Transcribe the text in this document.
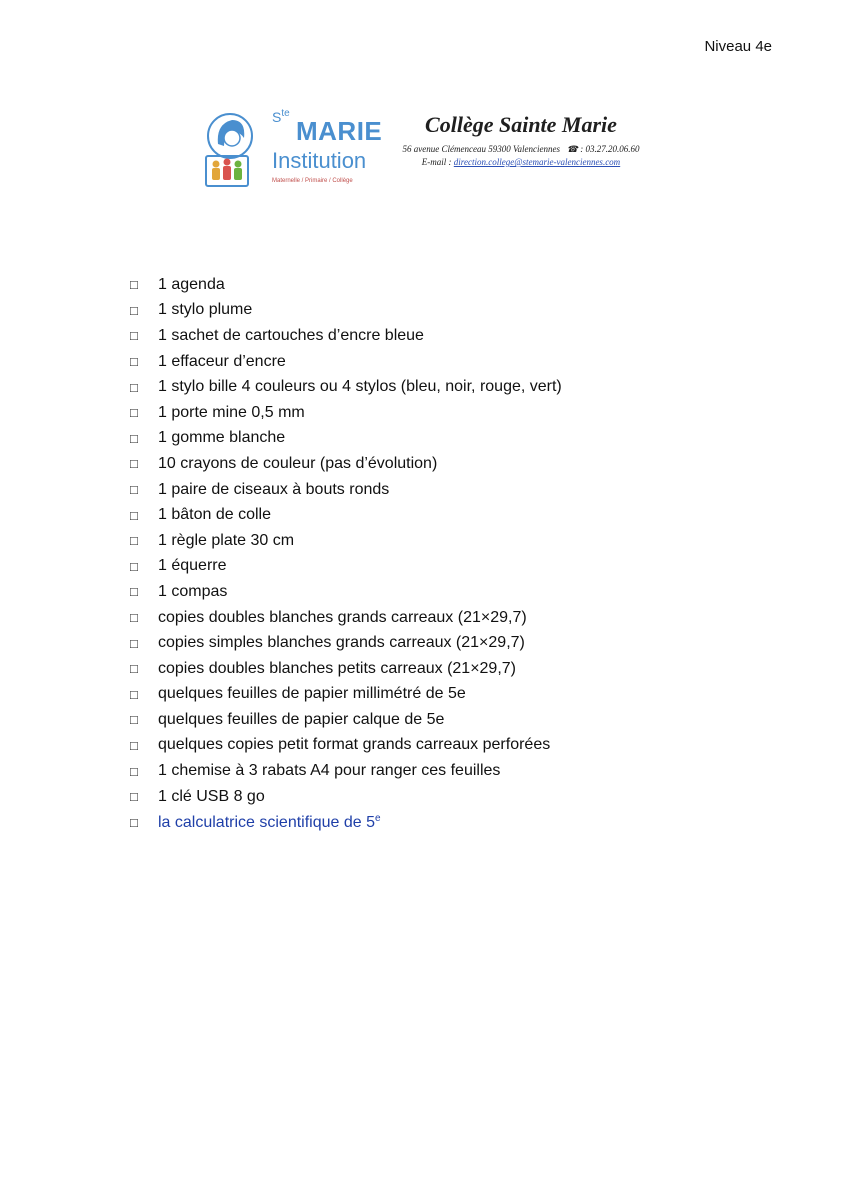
Niveau 4e
$S^{te}$
MARIE
Institution
Maternelle / Primaire / Collège
Collège Sainte Marie
56 avenue Clémenceau 59300 Valenciennes ☎ : 03.27.20.06.60
E-mail : direction.college@stemarie-valenciennes.com
□	1 agenda
□	1 stylo plume
□	1 sachet de cartouches d’encre bleue
□	1 effaceur d’encre
□	1 stylo bille 4 couleurs ou 4 stylos (bleu, noir, rouge, vert)
□	1 porte mine 0,5 mm
□	1 gomme blanche
□	10 crayons de couleur (pas d’évolution)
□	1 paire de ciseaux à bouts ronds
□	1 bâton de colle
□	1 règle plate 30 cm
□	1 équerre
□	1 compas
□	copies doubles blanches grands carreaux (21×29,7)
□	copies simples blanches grands carreaux (21×29,7)
□	copies doubles blanches petits carreaux (21×29,7)
□	quelques feuilles de papier millimétré de 5e
□	quelques feuilles de papier calque de 5e
□	quelques copies petit format grands carreaux perforées
□	1 chemise à 3 rabats A4 pour ranger ces feuilles
□	1 clé USB 8 go
□	la calculatrice scientifique de 5e
